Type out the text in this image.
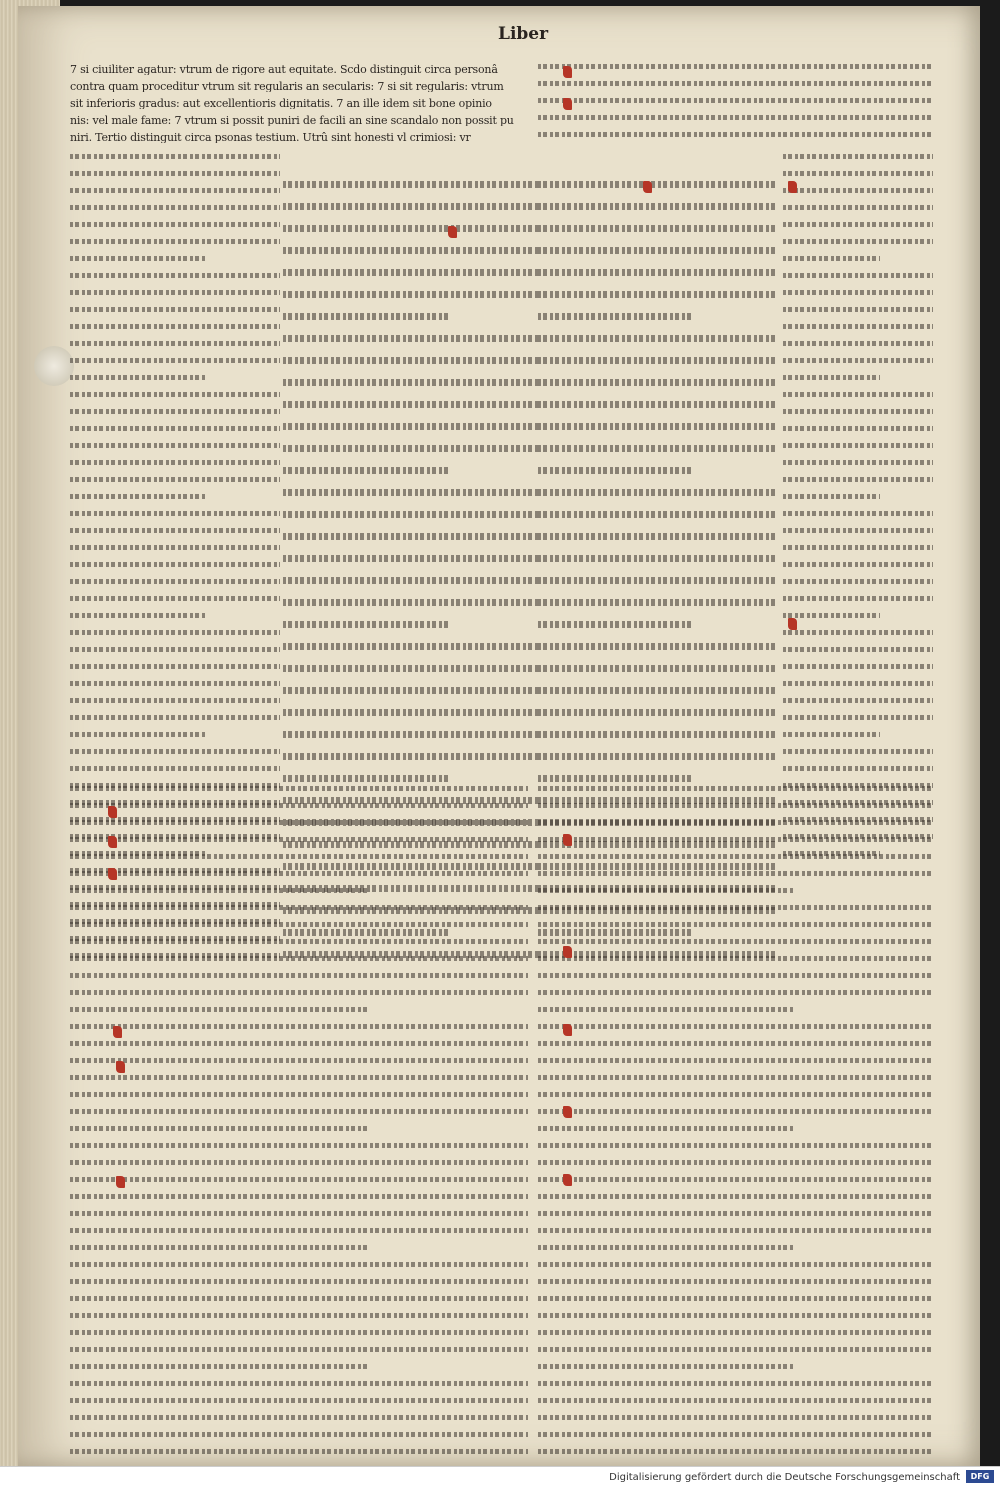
Liber
7 si ciuiliter agatur: vtrum de rigore aut equitate. Scdo distinguit circa personâ
contra quam proceditur vtrum sit regularis an secularis: 7 si sit regularis: vtrum
sit inferioris gradus: aut excellentioris dignitatis. 7 an ille idem sit bone opinio
nis: vel male fame: 7 vtrum si possit puniri de facili an sine scandalo non possit pu
niri. Tertio distinguit circa psonas testium. Utrû sint honesti vl crimiosi: vr
Digitalisierung gefördert durch die Deutsche Forschungsgemeinschaft	DFG
